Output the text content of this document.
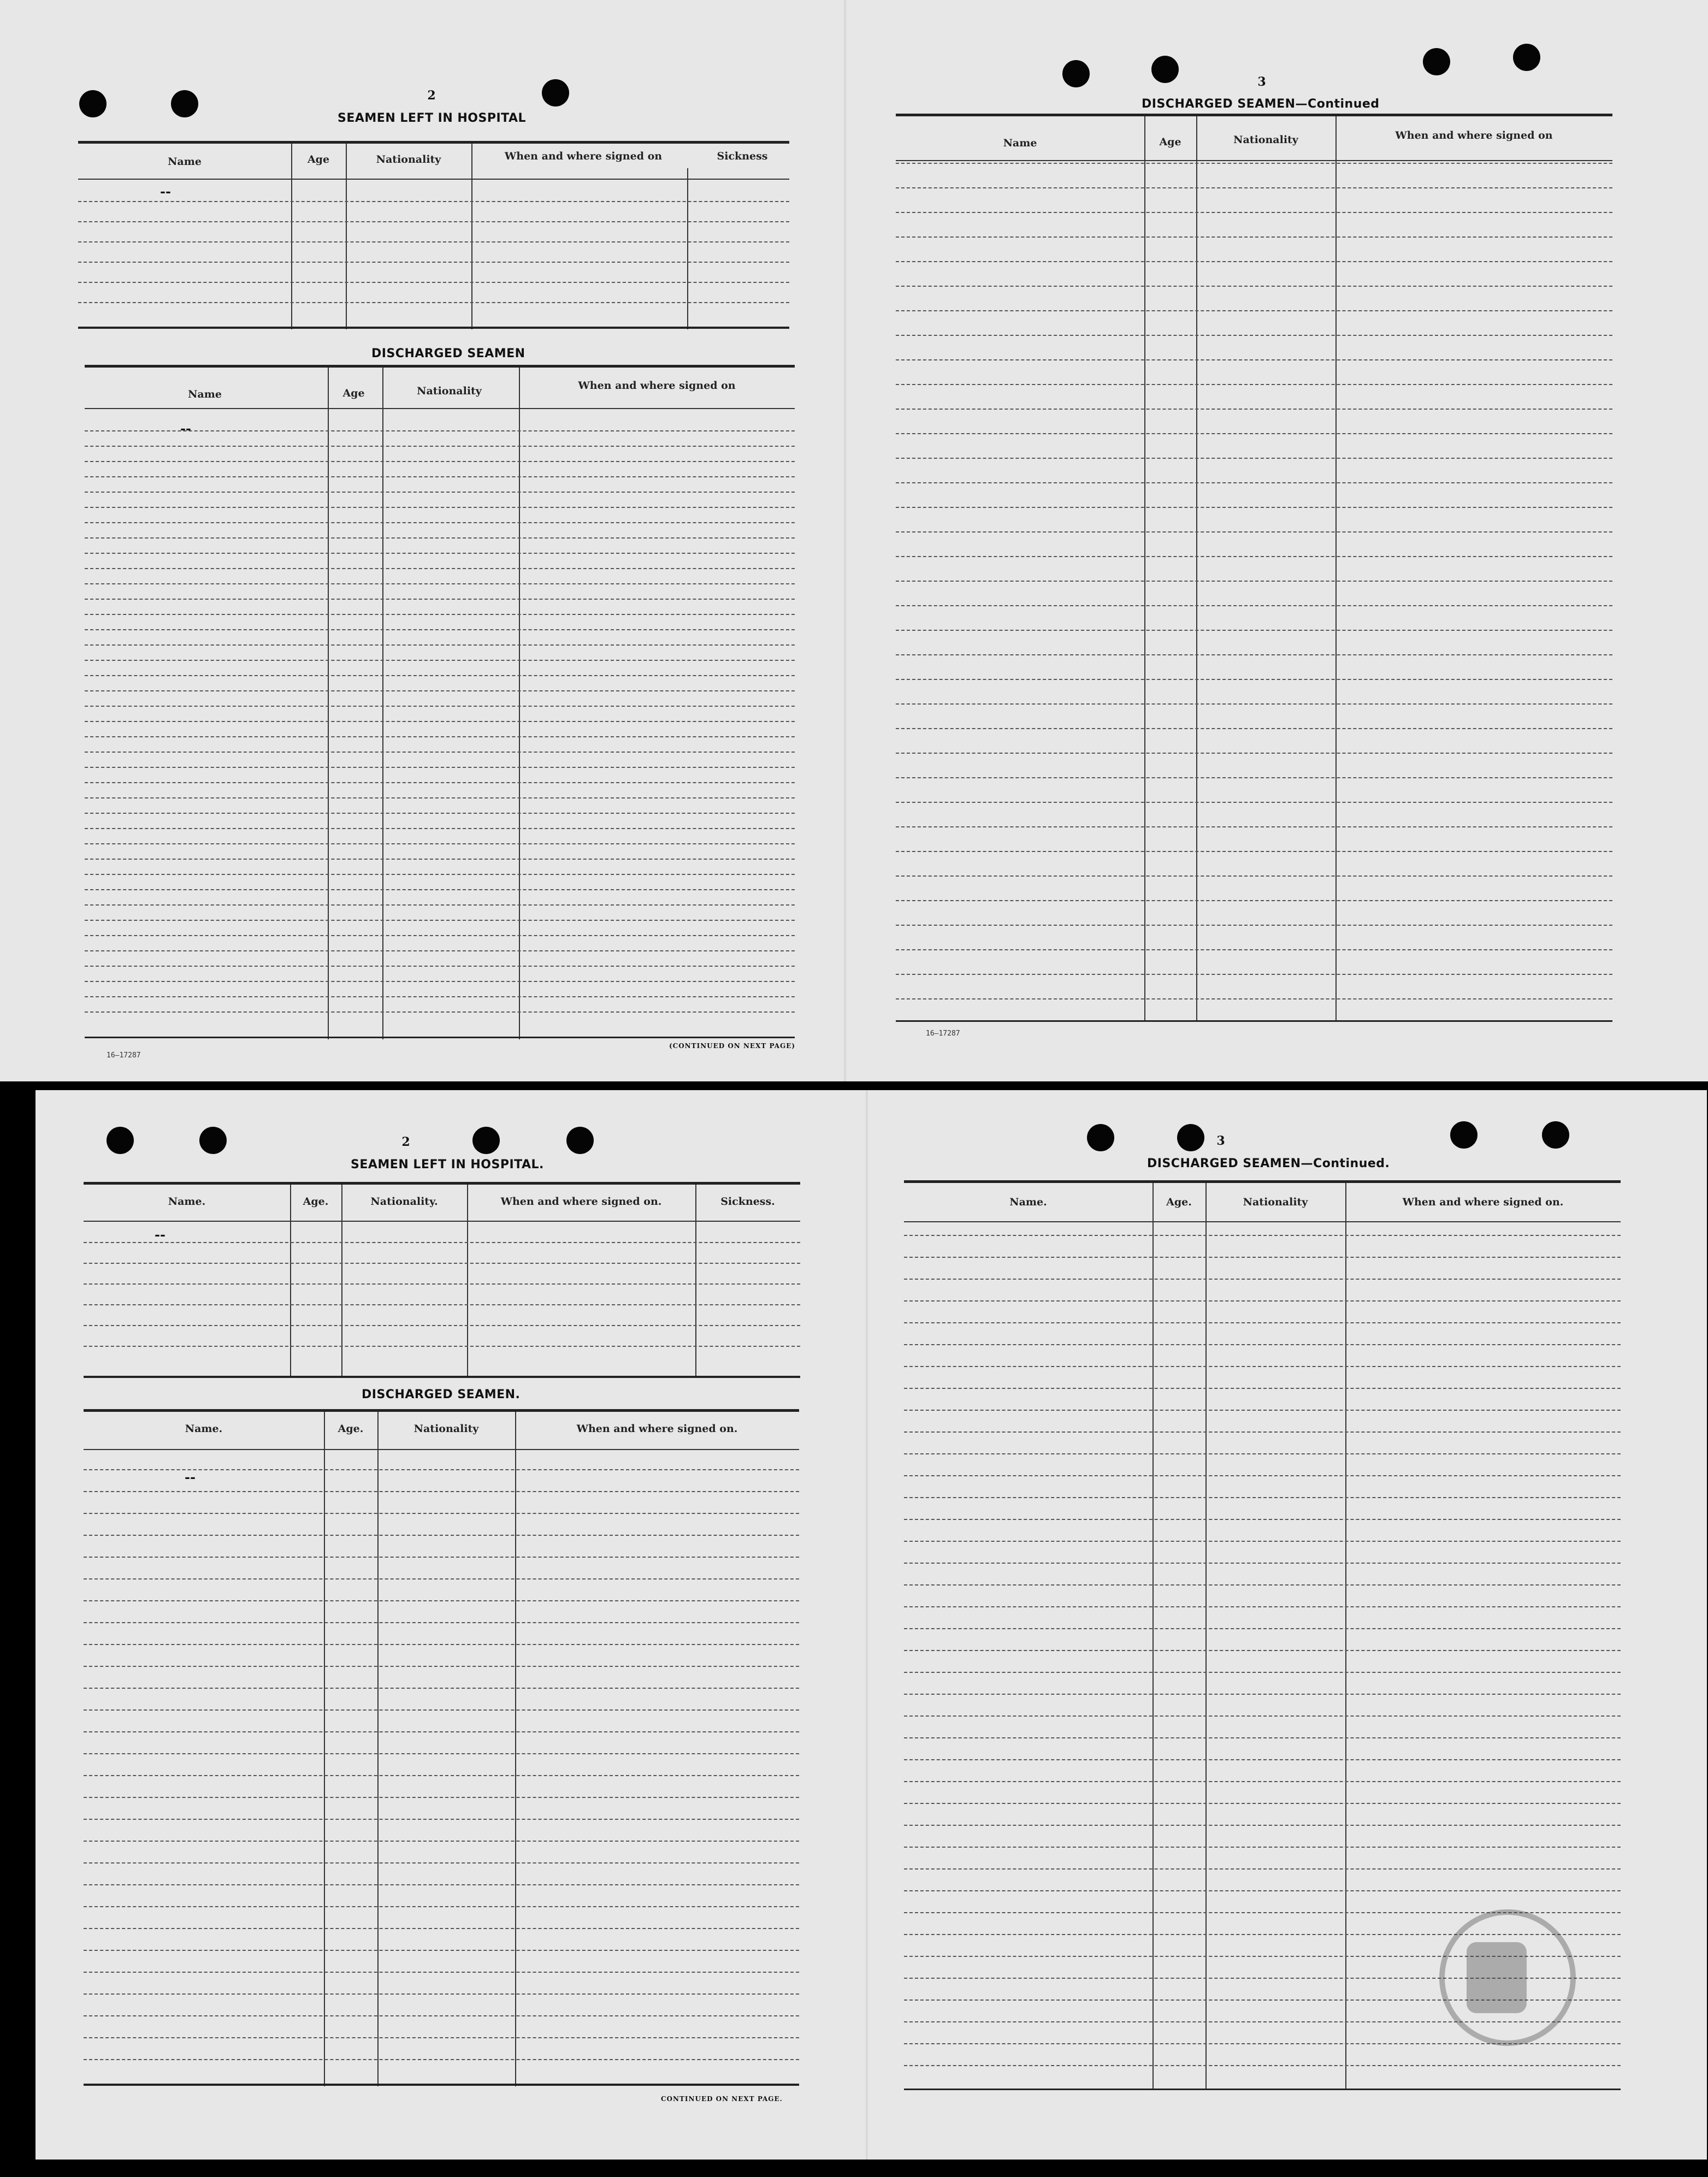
2
SEAMEN LEFT IN HOSPITAL
Name	Age	Nationality	When and where signed on	Sickness
--
DISCHARGED SEAMEN
Name	Age	Nationality	When and where signed on
--
16—17287
(CONTINUED ON NEXT PAGE)
3
DISCHARGED SEAMEN—Continued
Name	Age	Nationality	When and where signed on
16—17287
2
SEAMEN LEFT IN HOSPITAL.
Name.	Age.	Nationality.	When and where signed on.	Sickness.
--
DISCHARGED SEAMEN.
Name.	Age.	Nationality	When and where signed on.
--
CONTINUED ON NEXT PAGE.
3
DISCHARGED SEAMEN—Continued.
Name.	Age.	Nationality	When and where signed on.
